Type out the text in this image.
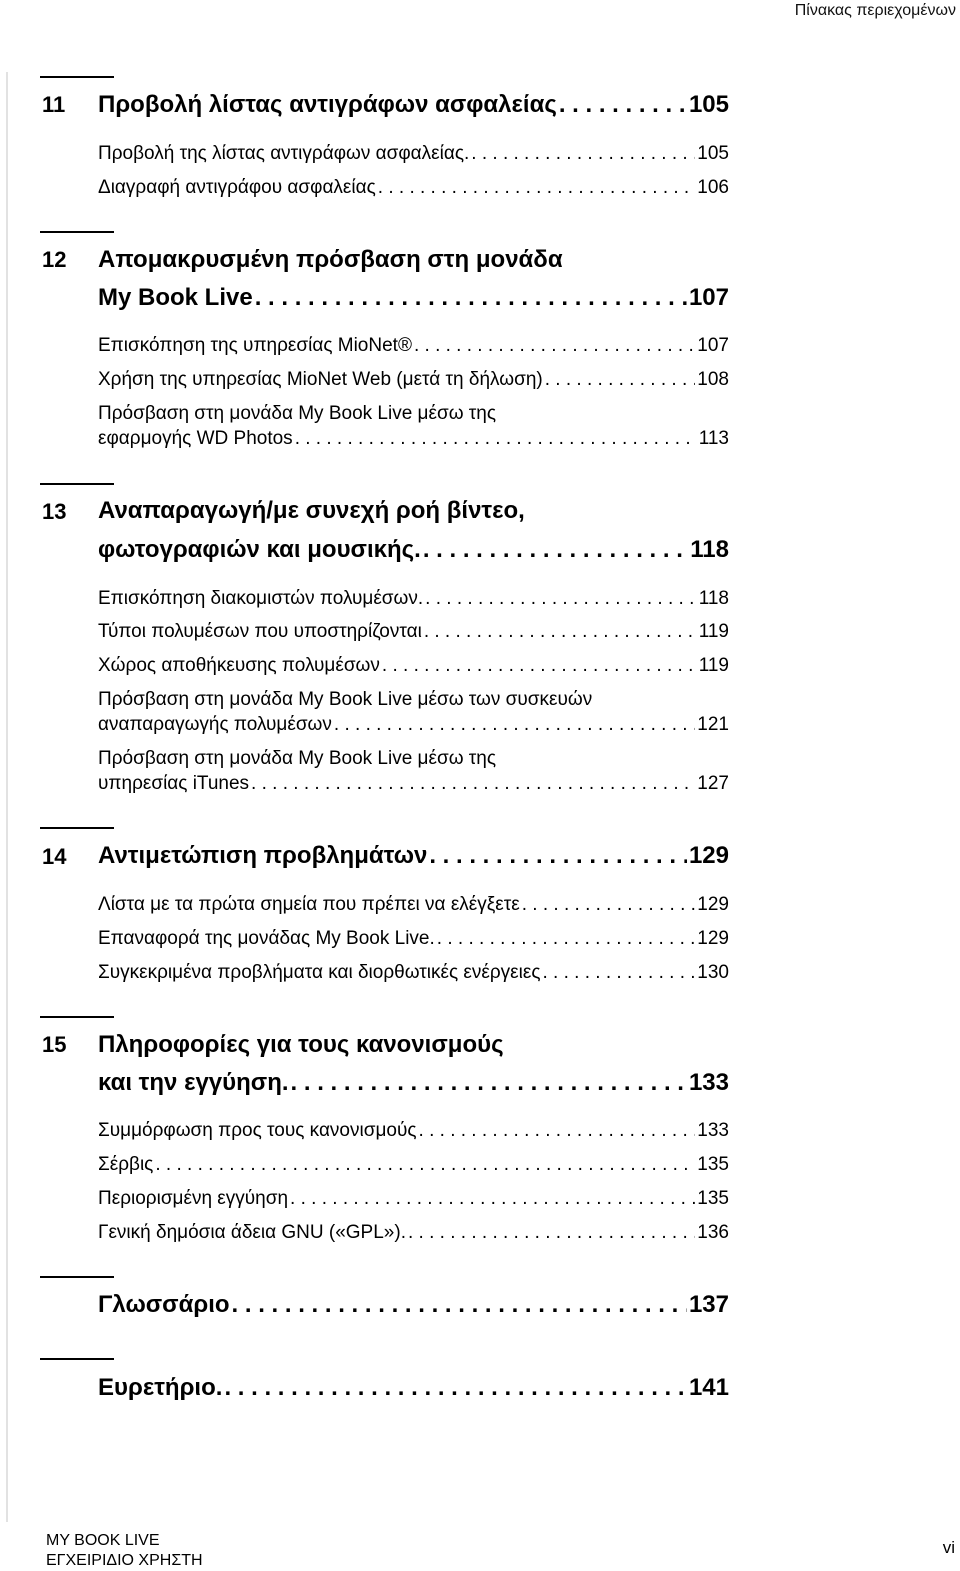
Πίνακας περιεχομένων
11 Προβολή λίστας αντιγράφων ασφαλείας . . .	105
Προβολή της λίστας αντιγράφων ασφαλείας. . . .	105
Διαγραφή αντιγράφου ασφαλείας . . .	106
12 Απομακρυσμένη πρόσβαση στη μονάδα
My Book Live . . .	107
Επισκόπηση της υπηρεσίας MioNet® . . .	107
Χρήση της υπηρεσίας MioNet Web (μετά τη δήλωση) . . .	108
Πρόσβαση στη μονάδα My Book Live μέσω της
εφαρμογής WD Photos . . .	113
13 Αναπαραγωγή/με συνεχή ροή βίντεο,
φωτογραφιών και μουσικής. . . .	118
Επισκόπηση διακομιστών πολυμέσων. . . .	118
Τύποι πολυμέσων που υποστηρίζονται . . .	119
Χώρος αποθήκευσης πολυμέσων . . .	119
Πρόσβαση στη μονάδα My Book Live μέσω των συσκευών
αναπαραγωγής πολυμέσων . . .	121
Πρόσβαση στη μονάδα My Book Live μέσω της
υπηρεσίας iTunes . . .	127
14 Αντιμετώπιση προβλημάτων . . .	129
Λίστα με τα πρώτα σημεία που πρέπει να ελέγξετε . . .	129
Επαναφορά της μονάδας My Book Live. . . .	129
Συγκεκριμένα προβλήματα και διορθωτικές ενέργειες . . .	130
15 Πληροφορίες για τους κανονισμούς
και την εγγύηση. . . .	133
Συμμόρφωση προς τους κανονισμούς . . .	133
Σέρβις . . .	135
Περιορισμένη εγγύηση . . .	135
Γενική δημόσια άδεια GNU («GPL»). . . .	136
Γλωσσάριο . . .	137
Ευρετήριο. . . .	141
MY BOOK LIVE
ΕΓΧΕΙΡΙΔΙΟ ΧΡΗΣΤΗ
vi
